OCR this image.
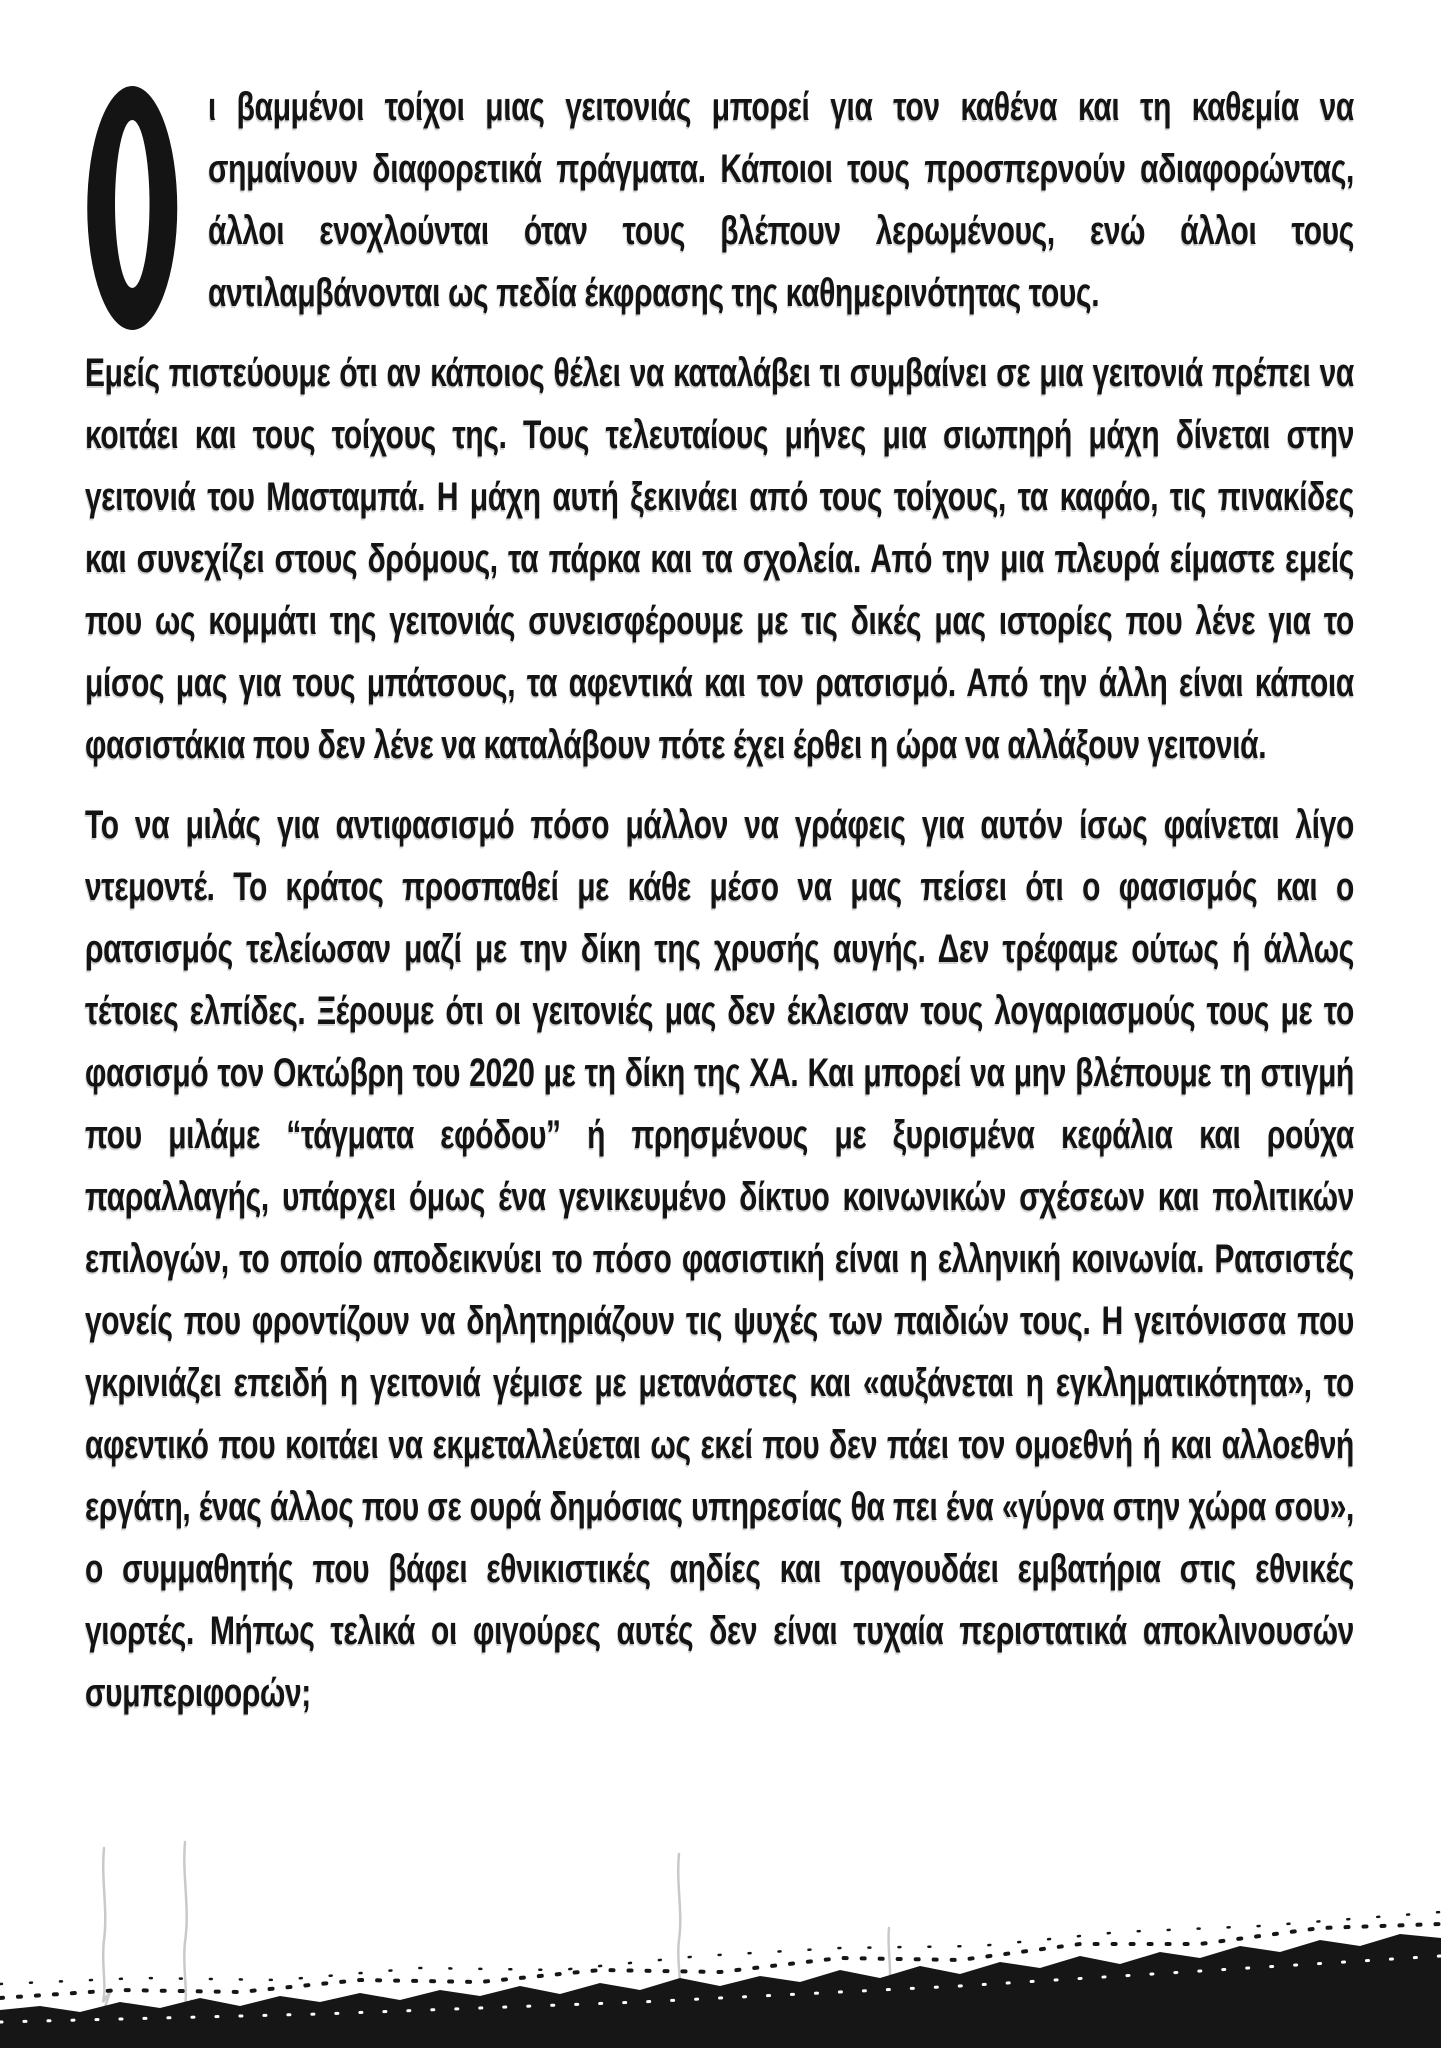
ι βαμμένοι τοίχοι μιας γειτονιάς μπορεί για τον καθένα και τη καθεμία να σημαίνουν διαφορετικά πράγματα. Κάποιοι τους προσπερνούν αδιαφορώντας, άλλοι ενοχλούνται όταν τους βλέπουν λερωμένους, ενώ άλλοι τους αντιλαμβάνονται ως πεδία έκφρασης της καθημερινότητας τους.

Εμείς πιστεύουμε ότι αν κάποιος θέλει να καταλάβει τι συμβαίνει σε μια γειτονιά πρέπει να κοιτάει και τους τοίχους της. Τους τελευταίους μήνες μια σιωπηρή μάχη δίνεται στην γειτονιά του Μασταμπά. Η μάχη αυτή ξεκινάει από τους τοίχους, τα καφάο, τις πινακίδες και συνεχίζει στους δρόμους, τα πάρκα και τα σχολεία. Από την μια πλευρά είμαστε εμείς που ως κομμάτι της γειτονιάς συνεισφέρουμε με τις δικές μας ιστορίες που λένε για το μίσος μας για τους μπάτσους, τα αφεντικά και τον ρατσισμό. Από την άλλη είναι κάποια φασιστάκια που δεν λένε να καταλάβουν πότε έχει έρθει η ώρα να αλλάξουν γειτονιά.

Το να μιλάς για αντιφασισμό πόσο μάλλον να γράφεις για αυτόν ίσως φαίνεται λίγο ντεμοντέ. Το κράτος προσπαθεί με κάθε μέσο να μας πείσει ότι ο φασισμός και ο ρατσισμός τελείωσαν μαζί με την δίκη της χρυσής αυγής. Δεν τρέφαμε ούτως ή άλλως τέτοιες ελπίδες. Ξέρουμε ότι οι γειτονιές μας δεν έκλεισαν τους λογαριασμούς τους με το φασισμό τον Οκτώβρη του 2020 με τη δίκη της ΧΑ. Και μπορεί να μην βλέπουμε τη στιγμή που μιλάμε “τάγματα εφόδου” ή πρησμένους με ξυρισμένα κεφάλια και ρούχα παραλλαγής, υπάρχει όμως ένα γενικευμένο δίκτυο κοινωνικών σχέσεων και πολιτικών επιλογών, το οποίο αποδεικνύει το πόσο φασιστική είναι η ελληνική κοινωνία. Ρατσιστές γονείς που φροντίζουν να δηλητηριάζουν τις ψυχές των παιδιών τους. Η γειτόνισσα που γκρινιάζει επειδή η γειτονιά γέμισε με μετανάστες και «αυξάνεται η εγκληματικότητα», το αφεντικό που κοιτάει να εκμεταλλεύεται ως εκεί που δεν πάει τον ομοεθνή ή και αλλοεθνή εργάτη, ένας άλλος που σε ουρά δημόσιας υπηρεσίας θα πει ένα «γύρνα στην χώρα σου», ο συμμαθητής που βάφει εθνικιστικές αηδίες και τραγουδάει εμβατήρια στις εθνικές γιορτές. Μήπως τελικά οι φιγούρες αυτές δεν είναι τυχαία περιστατικά αποκλινουσών συμπεριφορών;
